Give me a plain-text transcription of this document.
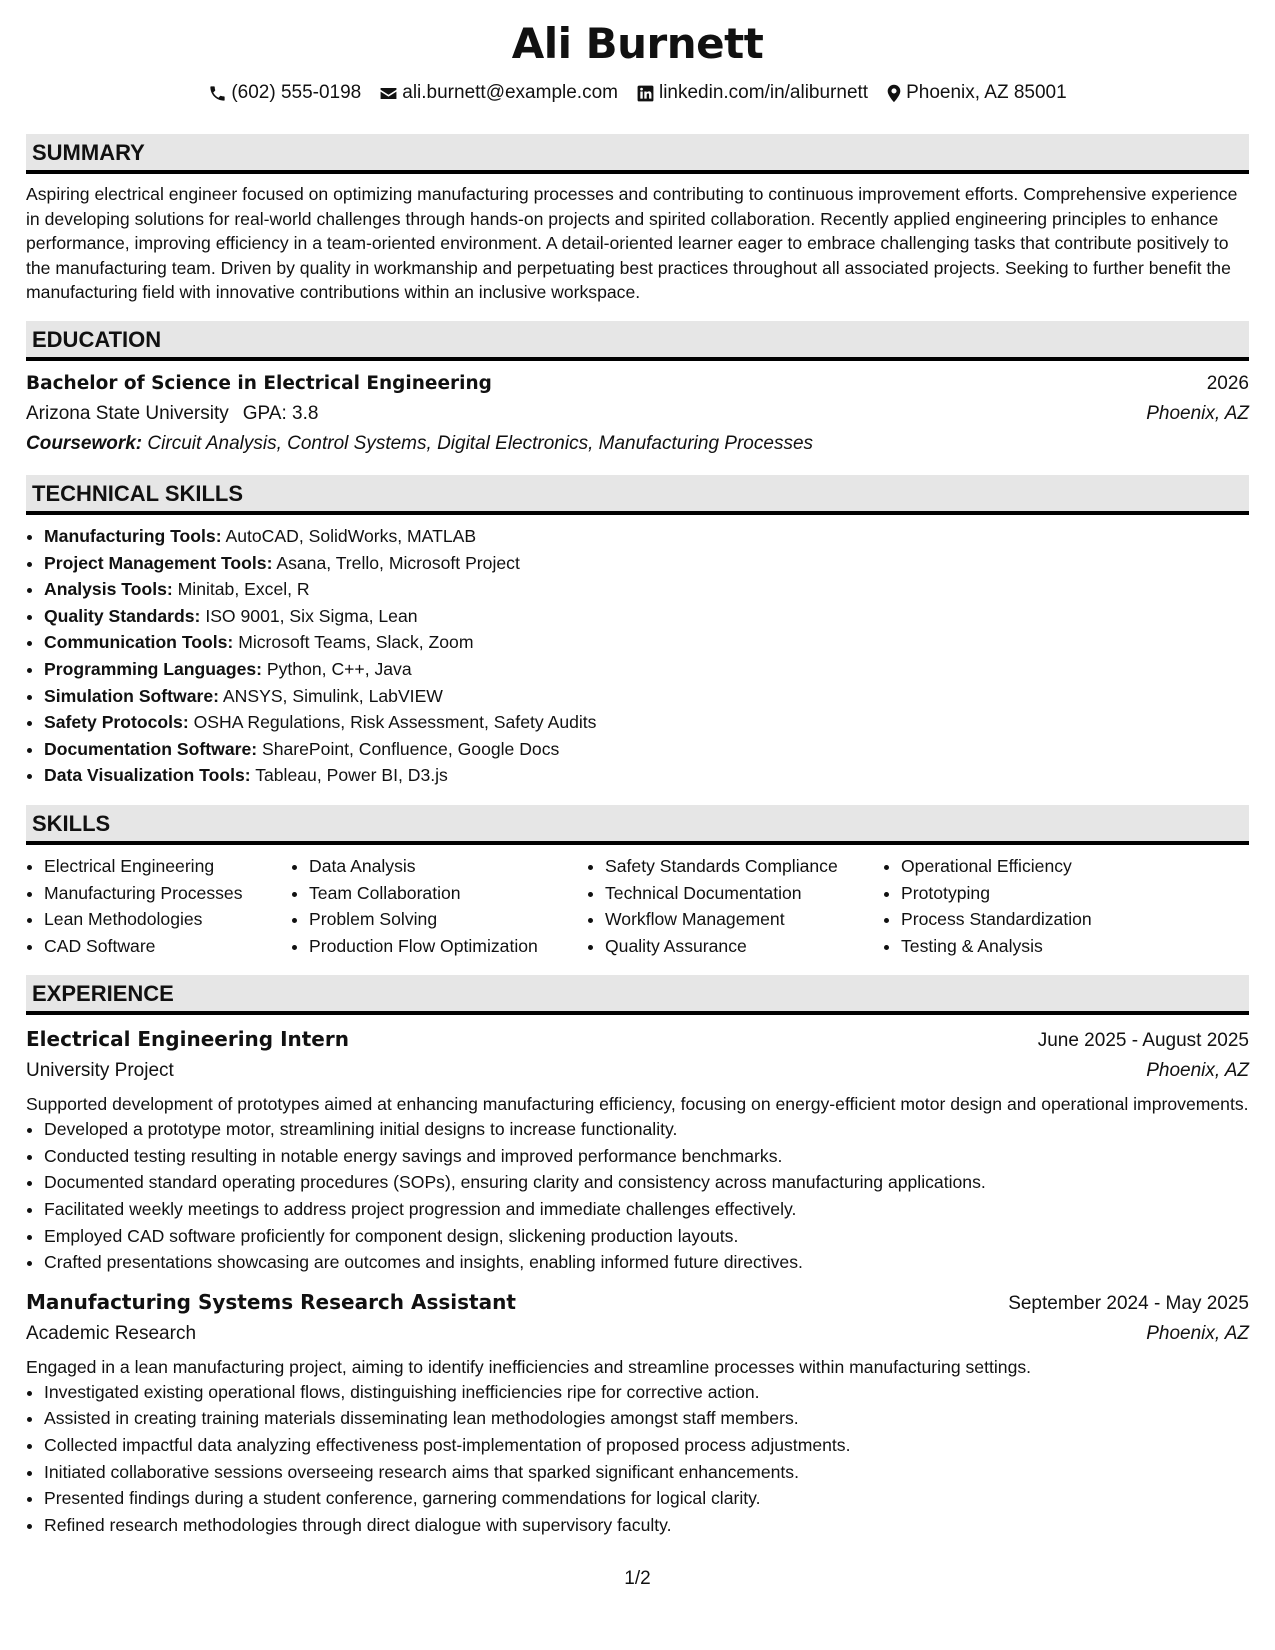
Ali Burnett
(602) 555-0198 ali.burnett@example.com linkedin.com/in/aliburnett Phoenix, AZ 85001
SUMMARY

Aspiring electrical engineer focused on optimizing manufacturing processes and contributing to continuous improvement efforts. Comprehensive experience in developing solutions for real-world challenges through hands-on projects and spirited collaboration. Recently applied engineering principles to enhance performance, improving efficiency in a team-oriented environment. A detail-oriented learner eager to embrace challenging tasks that contribute positively to the manufacturing team. Driven by quality in workmanship and perpetuating best practices throughout all associated projects. Seeking to further benefit the manufacturing field with innovative contributions within an inclusive workspace.

EDUCATION
Bachelor of Science in Electrical Engineering	2026
Arizona State University GPA: 3.8	Phoenix, AZ
Coursework: Circuit Analysis, Control Systems, Digital Electronics, Manufacturing Processes
TECHNICAL SKILLS
• Manufacturing Tools: AutoCAD, SolidWorks, MATLAB
• Project Management Tools: Asana, Trello, Microsoft Project
• Analysis Tools: Minitab, Excel, R
• Quality Standards: ISO 9001, Six Sigma, Lean
• Communication Tools: Microsoft Teams, Slack, Zoom
• Programming Languages: Python, C++, Java
• Simulation Software: ANSYS, Simulink, LabVIEW
• Safety Protocols: OSHA Regulations, Risk Assessment, Safety Audits
• Documentation Software: SharePoint, Confluence, Google Docs
• Data Visualization Tools: Tableau, Power BI, D3.js
SKILLS
• Electrical Engineering
• Manufacturing Processes
• Lean Methodologies
• CAD Software
• Data Analysis
• Team Collaboration
• Problem Solving
• Production Flow Optimization
• Safety Standards Compliance
• Technical Documentation
• Workflow Management
• Quality Assurance
• Operational Efficiency
• Prototyping
• Process Standardization
• Testing & Analysis
EXPERIENCE
Electrical Engineering Intern	June 2025 - August 2025
University Project	Phoenix, AZ

Supported development of prototypes aimed at enhancing manufacturing efficiency, focusing on energy-efficient motor design and operational improvements.

• Developed a prototype motor, streamlining initial designs to increase functionality.
• Conducted testing resulting in notable energy savings and improved performance benchmarks.
• Documented standard operating procedures (SOPs), ensuring clarity and consistency across manufacturing applications.
• Facilitated weekly meetings to address project progression and immediate challenges effectively.
• Employed CAD software proficiently for component design, slickening production layouts.
• Crafted presentations showcasing are outcomes and insights, enabling informed future directives.
Manufacturing Systems Research Assistant	September 2024 - May 2025
Academic Research	Phoenix, AZ

Engaged in a lean manufacturing project, aiming to identify inefficiencies and streamline processes within manufacturing settings.

• Investigated existing operational flows, distinguishing inefficiencies ripe for corrective action.
• Assisted in creating training materials disseminating lean methodologies amongst staff members.
• Collected impactful data analyzing effectiveness post-implementation of proposed process adjustments.
• Initiated collaborative sessions overseeing research aims that sparked significant enhancements.
• Presented findings during a student conference, garnering commendations for logical clarity.
• Refined research methodologies through direct dialogue with supervisory faculty.
1/2
